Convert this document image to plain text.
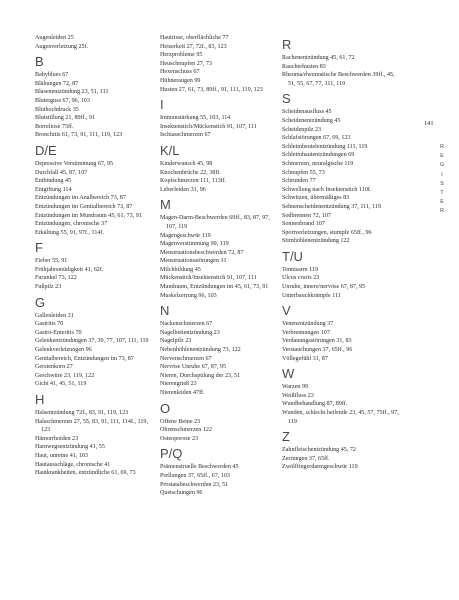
Augenleiden 25
Augenverletzung 25f.
B
Babyblues 67
Blähungen 72, 87
Blasenentzündung 23, 51, 111
Bluterguss 67, 96, 103
Bluthochdruck 35
Blutstillung 21, 89ff., 91
Borreliose 75ff.
Bronchitis 61, 73, 91, 111, 119, 123
D/E
Depressive Verstimmung 67, 95
Durchfall 45, 87, 107
Entbindung 45
Entgiftung 114
Entzündungen im Analbereich 73, 87
Entzündungen im Genitalbereich 73, 87
Entzündungen im Mundraum 45, 61, 73, 91
Entzündungen, chronische 37
Erkältung 55, 91, 97f., 114f.
F
Fieber 55, 91
Frühjahrsmüdigkeit 41, 62f.
Furunkel 73, 122
Fußpilz 23
G
Gallenleiden 31
Gastritis 70
Gastro-Enteritis 70
Gelenkentzündungen 37, 39, 77, 107, 111, 119
Gelenkverletzungen 96
Genitalbereich, Entzündungen im 73, 87
Gerstenkorn 27
Geschwüre 23, 119, 122
Gicht 41, 45, 51, 119
H
Halsentzündung 72f., 83, 91, 119, 123
Halsschmerzen 27, 55, 83, 91, 111, 114f., 119, 123
Hämorrhoiden 23
Harnwegsentzündung 41, 55
Haut, unreine 41, 103
Hautausschläge, chronische 41
Hautkrankheiten, entzündliche 61, 69, 73
Hautrisse, oberflächliche 77
Heiserkeit 27, 72f., 83, 123
Herzprobleme 95
Heuschnupfen 27, 73
Hexenschuss 67
Hühneraugen 99
Husten 27, 61, 73, 89ff., 91, 111, 119, 123
I
Immunstärkung 55, 103, 114
Insektenstich/Mückenstich 91, 107, 111
Ischiasschmerzen 67
K/L
Kinderwunsch 45, 98
Knochenbrüche 22, 38ff.
Kopfschmerzen 111, 113ff.
Leberleiden 31, 96
M
Magen-Darm-Beschwerden 69ff., 83, 87, 97, 107, 119
Magengeschwür 119
Magenverstimmung 99, 119
Menstruationsbeschwerden 72, 87
Menstruationsstörungen 31
Milchbildung 45
Mückenstich/Insektenstich 91, 107, 111
Mundraum, Entzündungen im 45, 61, 73, 91
Muskelzerrung 96, 103
N
Nackenschmerzen 67
Nagelbettentzündung 23
Nagelpilz 23
Nebenhöhlenentzündung 73, 122
Nervenschmerzen 67
Nervöse Unruhe 67, 87, 95
Nieren, Durchspülung der 23, 51
Nierengrieß 23
Nierenleiden 47ff.
O
Offene Beine 23
Ohrenschmerzen 122
Osteoporose 23
P/Q
Prämenstruelle Beschwerden 45
Prellungen 37, 65ff., 67, 103
Prostatabeschwerden 23, 51
Quetschungen 96
R
Rachenentzündung 45, 61, 72
Raucherhusten 83
Rheuma/rheumatische Beschwerden 39ff., 45, 51, 55, 67, 77, 111, 119
S
Scheidenausfluss 45
Scheidenentzündung 45
Scheidenpilz 23
Schlafstörungen 67, 69, 123
Schleimbeutelentzündung 111, 119
Schleimhautentzündungen 69
Schmerzen, neuralgische 119
Schnupfen 55, 73
Schrunden 77
Schwellung nach Insektenstich 110f.
Schwitzen, übermäßiges 83
Sehnenscheidenentzündung 37, 111, 119
Sodbrennen 72, 107
Sonnenbrand 107
Sportverletzungen, stumpfe 65ff., 96
Stirnhöhlenentzündung 122
T/U
Tennisarm 119
Ulcus cruris 23
Unruhe, innere/nervöse 67, 87, 95
Unterbauchkrämpfe 111
V
Venenentzündung 37
Verbrennungen 107
Verdauungsstörungen 31, 83
Verstauchungen 37, 65ff., 96
Völlegefühl 31, 87
W
Warzen 99
Weißfluss 23
Wundbehandlung 87, 89ff.
Wunden, schlecht heilende 23, 45, 57, 75ff., 97, 119
Z
Zahnfleischentzündung 45, 72
Zerrungen 37, 65ff.
Zwölffingerdarmgeschwür 119
141
R
E
G
I
S
T
E
R
